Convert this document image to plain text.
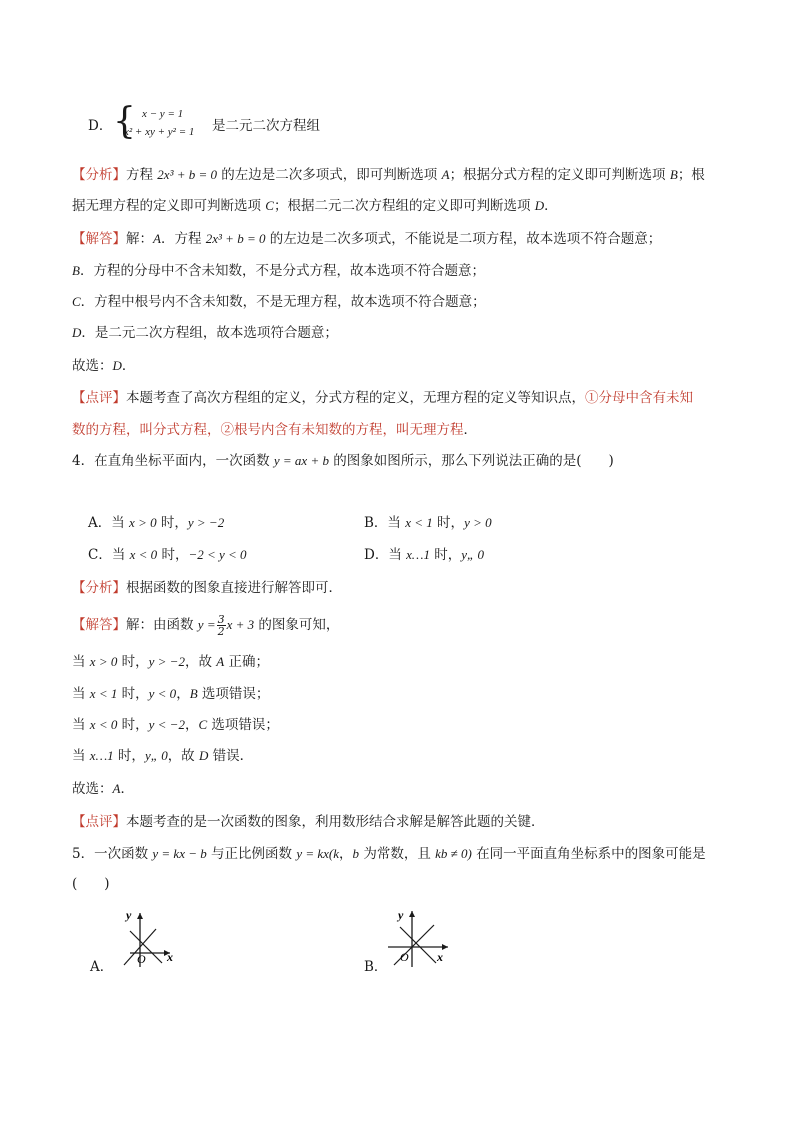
D． { x − y = 1
x² + xy + y² = 1 是二元二次方程组
【分析】方程 2x³ + b = 0 的左边是二次多项式，即可判断选项 A；根据分式方程的定义即可判断选项 B；根
据无理方程的定义即可判断选项 C；根据二元二次方程组的定义即可判断选项 D．
【解答】解：A．方程 2x³ + b = 0 的左边是二次多项式，不能说是二项方程，故本选项不符合题意；
B．方程的分母中不含未知数，不是分式方程，故本选项不符合题意；
C．方程中根号内不含未知数，不是无理方程，故本选项不符合题意；
D．是二元二次方程组，故本选项符合题意；
故选：D．
【点评】本题考查了高次方程组的定义，分式方程的定义，无理方程的定义等知识点，①分母中含有未知
数的方程，叫分式方程，②根号内含有未知数的方程，叫无理方程．
4．在直角坐标平面内，一次函数 y = ax + b 的图象如图所示，那么下列说法正确的是(　　)
A．当 x > 0 时，y > −2	B．当 x < 1 时，y > 0
C．当 x < 0 时，−2 < y < 0	D．当 x…1 时，y„ 0
【分析】根据函数的图象直接进行解答即可．
【解答】解：由函数 $y = \frac{3}{2}$ x + 3 的图象可知，
当 x > 0 时，y > −2，故 A 正确；
当 x < 1 时，y < 0，B 选项错误；
当 x < 0 时，y < −2，C 选项错误；
当 x…1 时，y„ 0，故 D 错误．
故选：A．
【点评】本题考查的是一次函数的图象，利用数形结合求解是解答此题的关键．
5．一次函数 y = kx − b 与正比例函数 y = kx(k，b 为常数，且 kb ≠ 0) 在同一平面直角坐标系中的图象可能是
(　　)
A．
y
x
O	B．
y
x
O
